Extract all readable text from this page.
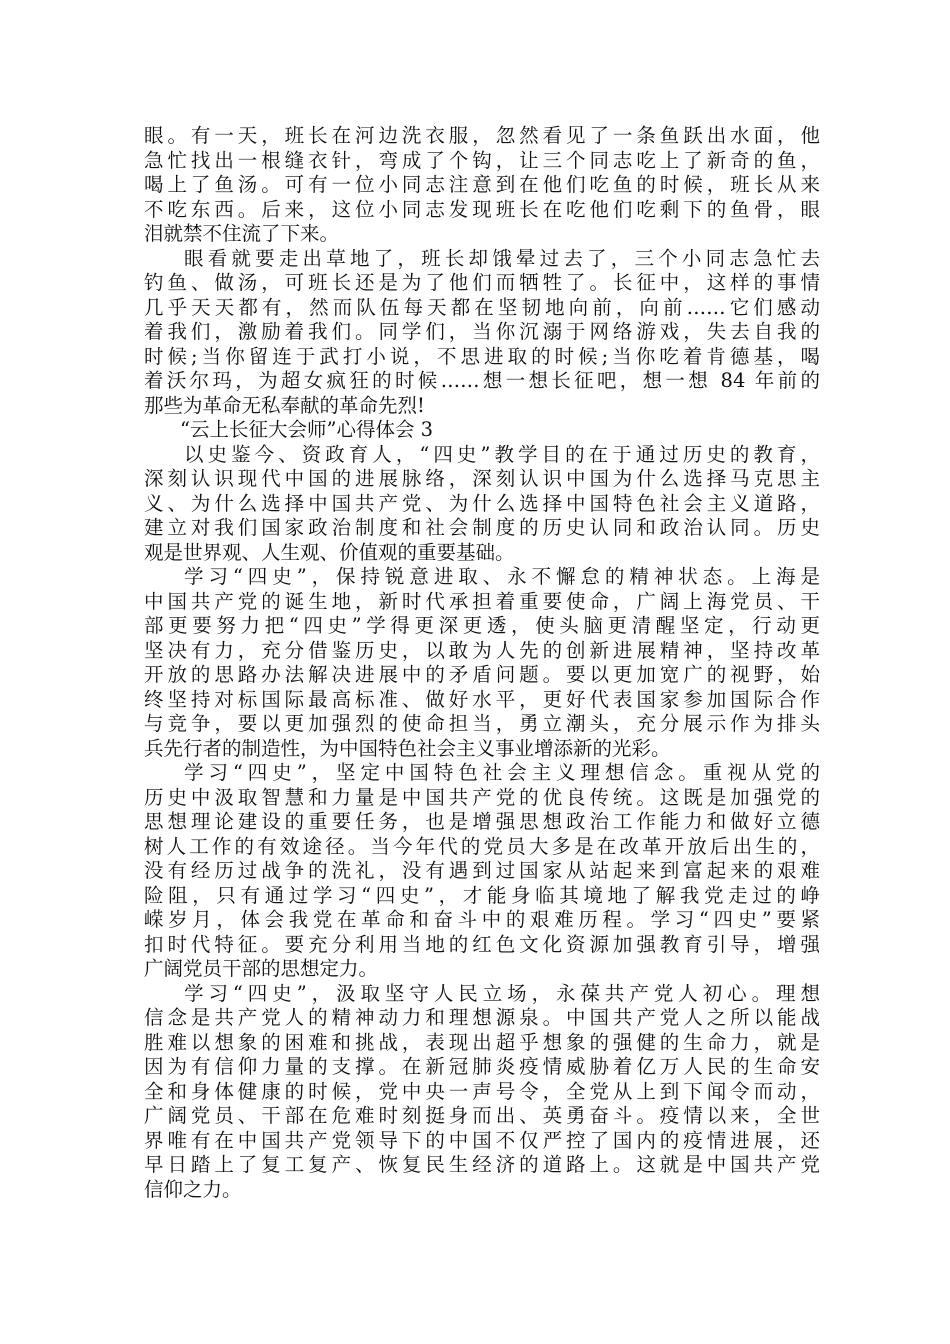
眼。有一天，班长在河边洗衣服，忽然看见了一条鱼跃出水面，他
急忙找出一根缝衣针，弯成了个钩，让三个同志吃上了新奇的鱼，
喝上了鱼汤。可有一位小同志注意到在他们吃鱼的时候，班长从来
不吃东西。后来，这位小同志发现班长在吃他们吃剩下的鱼骨，眼
泪就禁不住流了下来。
眼看就要走出草地了，班长却饿晕过去了，三个小同志急忙去
钓鱼、做汤，可班长还是为了他们而牺牲了。长征中，这样的事情
几乎天天都有，然而队伍每天都在坚韧地向前，向前……它们感动
着我们，激励着我们。同学们，当你沉溺于网络游戏，失去自我的
时候;当你留连于武打小说，不思进取的时候;当你吃着肯德基，喝
着沃尔玛，为超女疯狂的时候……想一想长征吧，想一想 84 年前的
那些为革命无私奉献的革命先烈!
“云上长征大会师”心得体会 3
以史鉴今、资政育人，“四史”教学目的在于通过历史的教育，
深刻认识现代中国的进展脉络，深刻认识中国为什么选择马克思主
义、为什么选择中国共产党、为什么选择中国特色社会主义道路，
建立对我们国家政治制度和社会制度的历史认同和政治认同。历史
观是世界观、人生观、价值观的重要基础。
学习“四史”，保持锐意进取、永不懈怠的精神状态。上海是
中国共产党的诞生地，新时代承担着重要使命，广阔上海党员、干
部更要努力把“四史”学得更深更透，使头脑更清醒坚定，行动更
坚决有力，充分借鉴历史，以敢为人先的创新进展精神，坚持改革
开放的思路办法解决进展中的矛盾问题。要以更加宽广的视野，始
终坚持对标国际最高标准、做好水平，更好代表国家参加国际合作
与竞争，要以更加强烈的使命担当，勇立潮头，充分展示作为排头
兵先行者的制造性，为中国特色社会主义事业增添新的光彩。
学习“四史”，坚定中国特色社会主义理想信念。重视从党的
历史中汲取智慧和力量是中国共产党的优良传统。这既是加强党的
思想理论建设的重要任务，也是增强思想政治工作能力和做好立德
树人工作的有效途径。当今年代的党员大多是在改革开放后出生的，
没有经历过战争的洗礼，没有遇到过国家从站起来到富起来的艰难
险阻，只有通过学习“四史”，才能身临其境地了解我党走过的峥
嵘岁月，体会我党在革命和奋斗中的艰难历程。学习“四史”要紧
扣时代特征。要充分利用当地的红色文化资源加强教育引导，增强
广阔党员干部的思想定力。
学习“四史”，汲取坚守人民立场，永葆共产党人初心。理想
信念是共产党人的精神动力和理想源泉。中国共产党人之所以能战
胜难以想象的困难和挑战，表现出超乎想象的强健的生命力，就是
因为有信仰力量的支撑。在新冠肺炎疫情威胁着亿万人民的生命安
全和身体健康的时候，党中央一声号令，全党从上到下闻令而动，
广阔党员、干部在危难时刻挺身而出、英勇奋斗。疫情以来，全世
界唯有在中国共产党领导下的中国不仅严控了国内的疫情进展，还
早日踏上了复工复产、恢复民生经济的道路上。这就是中国共产党
信仰之力。
